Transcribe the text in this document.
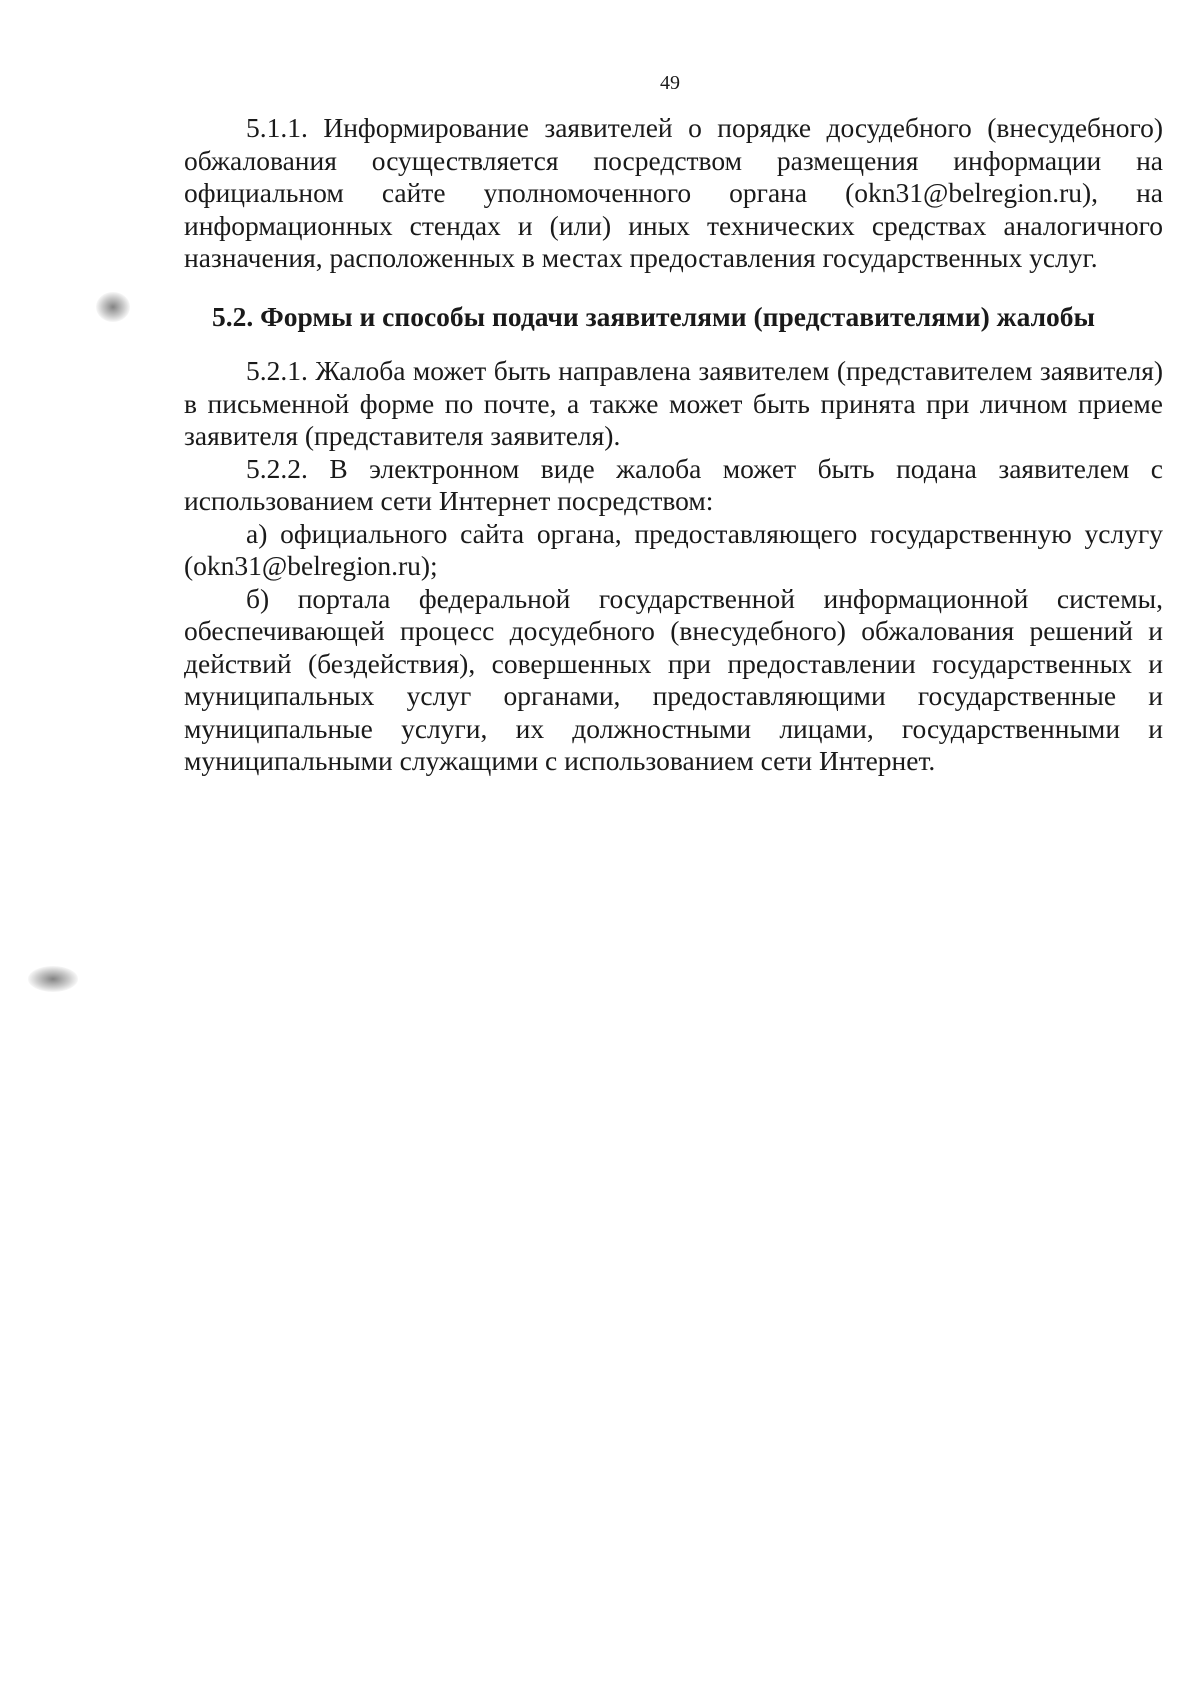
49

5.1.1. Информирование заявителей о порядке досудебного (внесудебного) обжалования осуществляется посредством размещения информации на официальном сайте уполномоченного органа (okn31@belregion.ru), на информационных стендах и (или) иных технических средствах аналогичного назначения, расположенных в местах предоставления государственных услуг.

5.2. Формы и способы подачи заявителями (представителями) жалобы

5.2.1. Жалоба может быть направлена заявителем (представителем заявителя) в письменной форме по почте, а также может быть принята при личном приеме заявителя (представителя заявителя).

5.2.2. В электронном виде жалоба может быть подана заявителем с использованием сети Интернет посредством:

а) официального сайта органа, предоставляющего государственную услугу (okn31@belregion.ru);

б) портала федеральной государственной информационной системы, обеспечивающей процесс досудебного (внесудебного) обжалования решений и действий (бездействия), совершенных при предоставлении государственных и муниципальных услуг органами, предоставляющими государственные и муниципальные услуги, их должностными лицами, государственными и муниципальными служащими с использованием сети Интернет.
